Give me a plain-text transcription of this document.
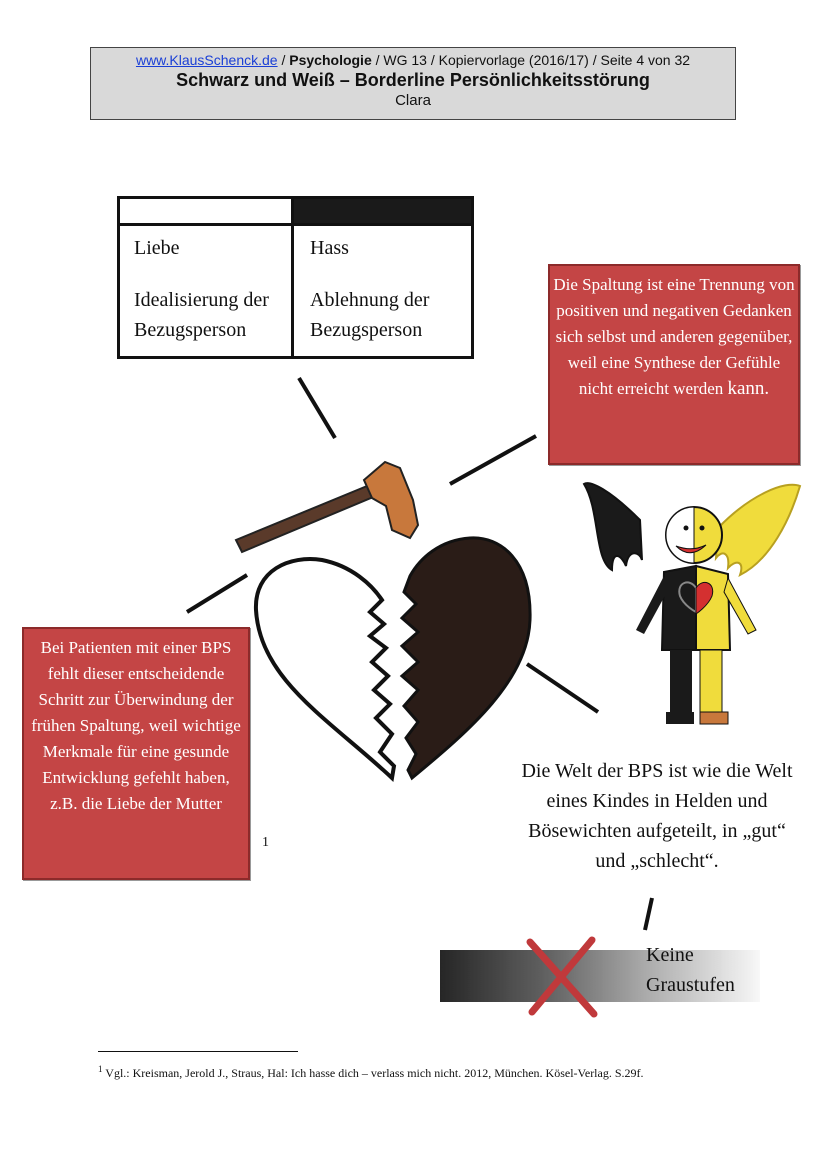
www.KlausSchenck.de / Psychologie / WG 13 / Kopiervorlage (2016/17) / Seite 4 von 32
Schwarz und Weiß – Borderline Persönlichkeitsstörung
Clara
Liebe	Hass
Idealisierung der Bezugsperson
Ablehnung der Bezugsperson
Die Spaltung ist eine Trennung von positiven und negativen Gedanken sich selbst und anderen gegenüber, weil eine Synthese der Gefühle nicht erreicht werden kann.
Bei Patienten mit einer BPS fehlt dieser entscheidende Schritt zur Überwindung der frühen Spaltung, weil wichtige Merkmale für eine gesunde Entwicklung gefehlt haben,
z.B. die Liebe der Mutter
1
Die Welt der BPS ist wie die Welt eines Kindes in Helden und Bösewichten aufgeteilt, in „gut“ und „schlecht“.
Keine
Graustufen
$^1$ Vgl.: Kreisman, Jerold J., Straus, Hal: Ich hasse dich – verlass mich nicht. 2012, München. Kösel-Verlag. S.29f.
